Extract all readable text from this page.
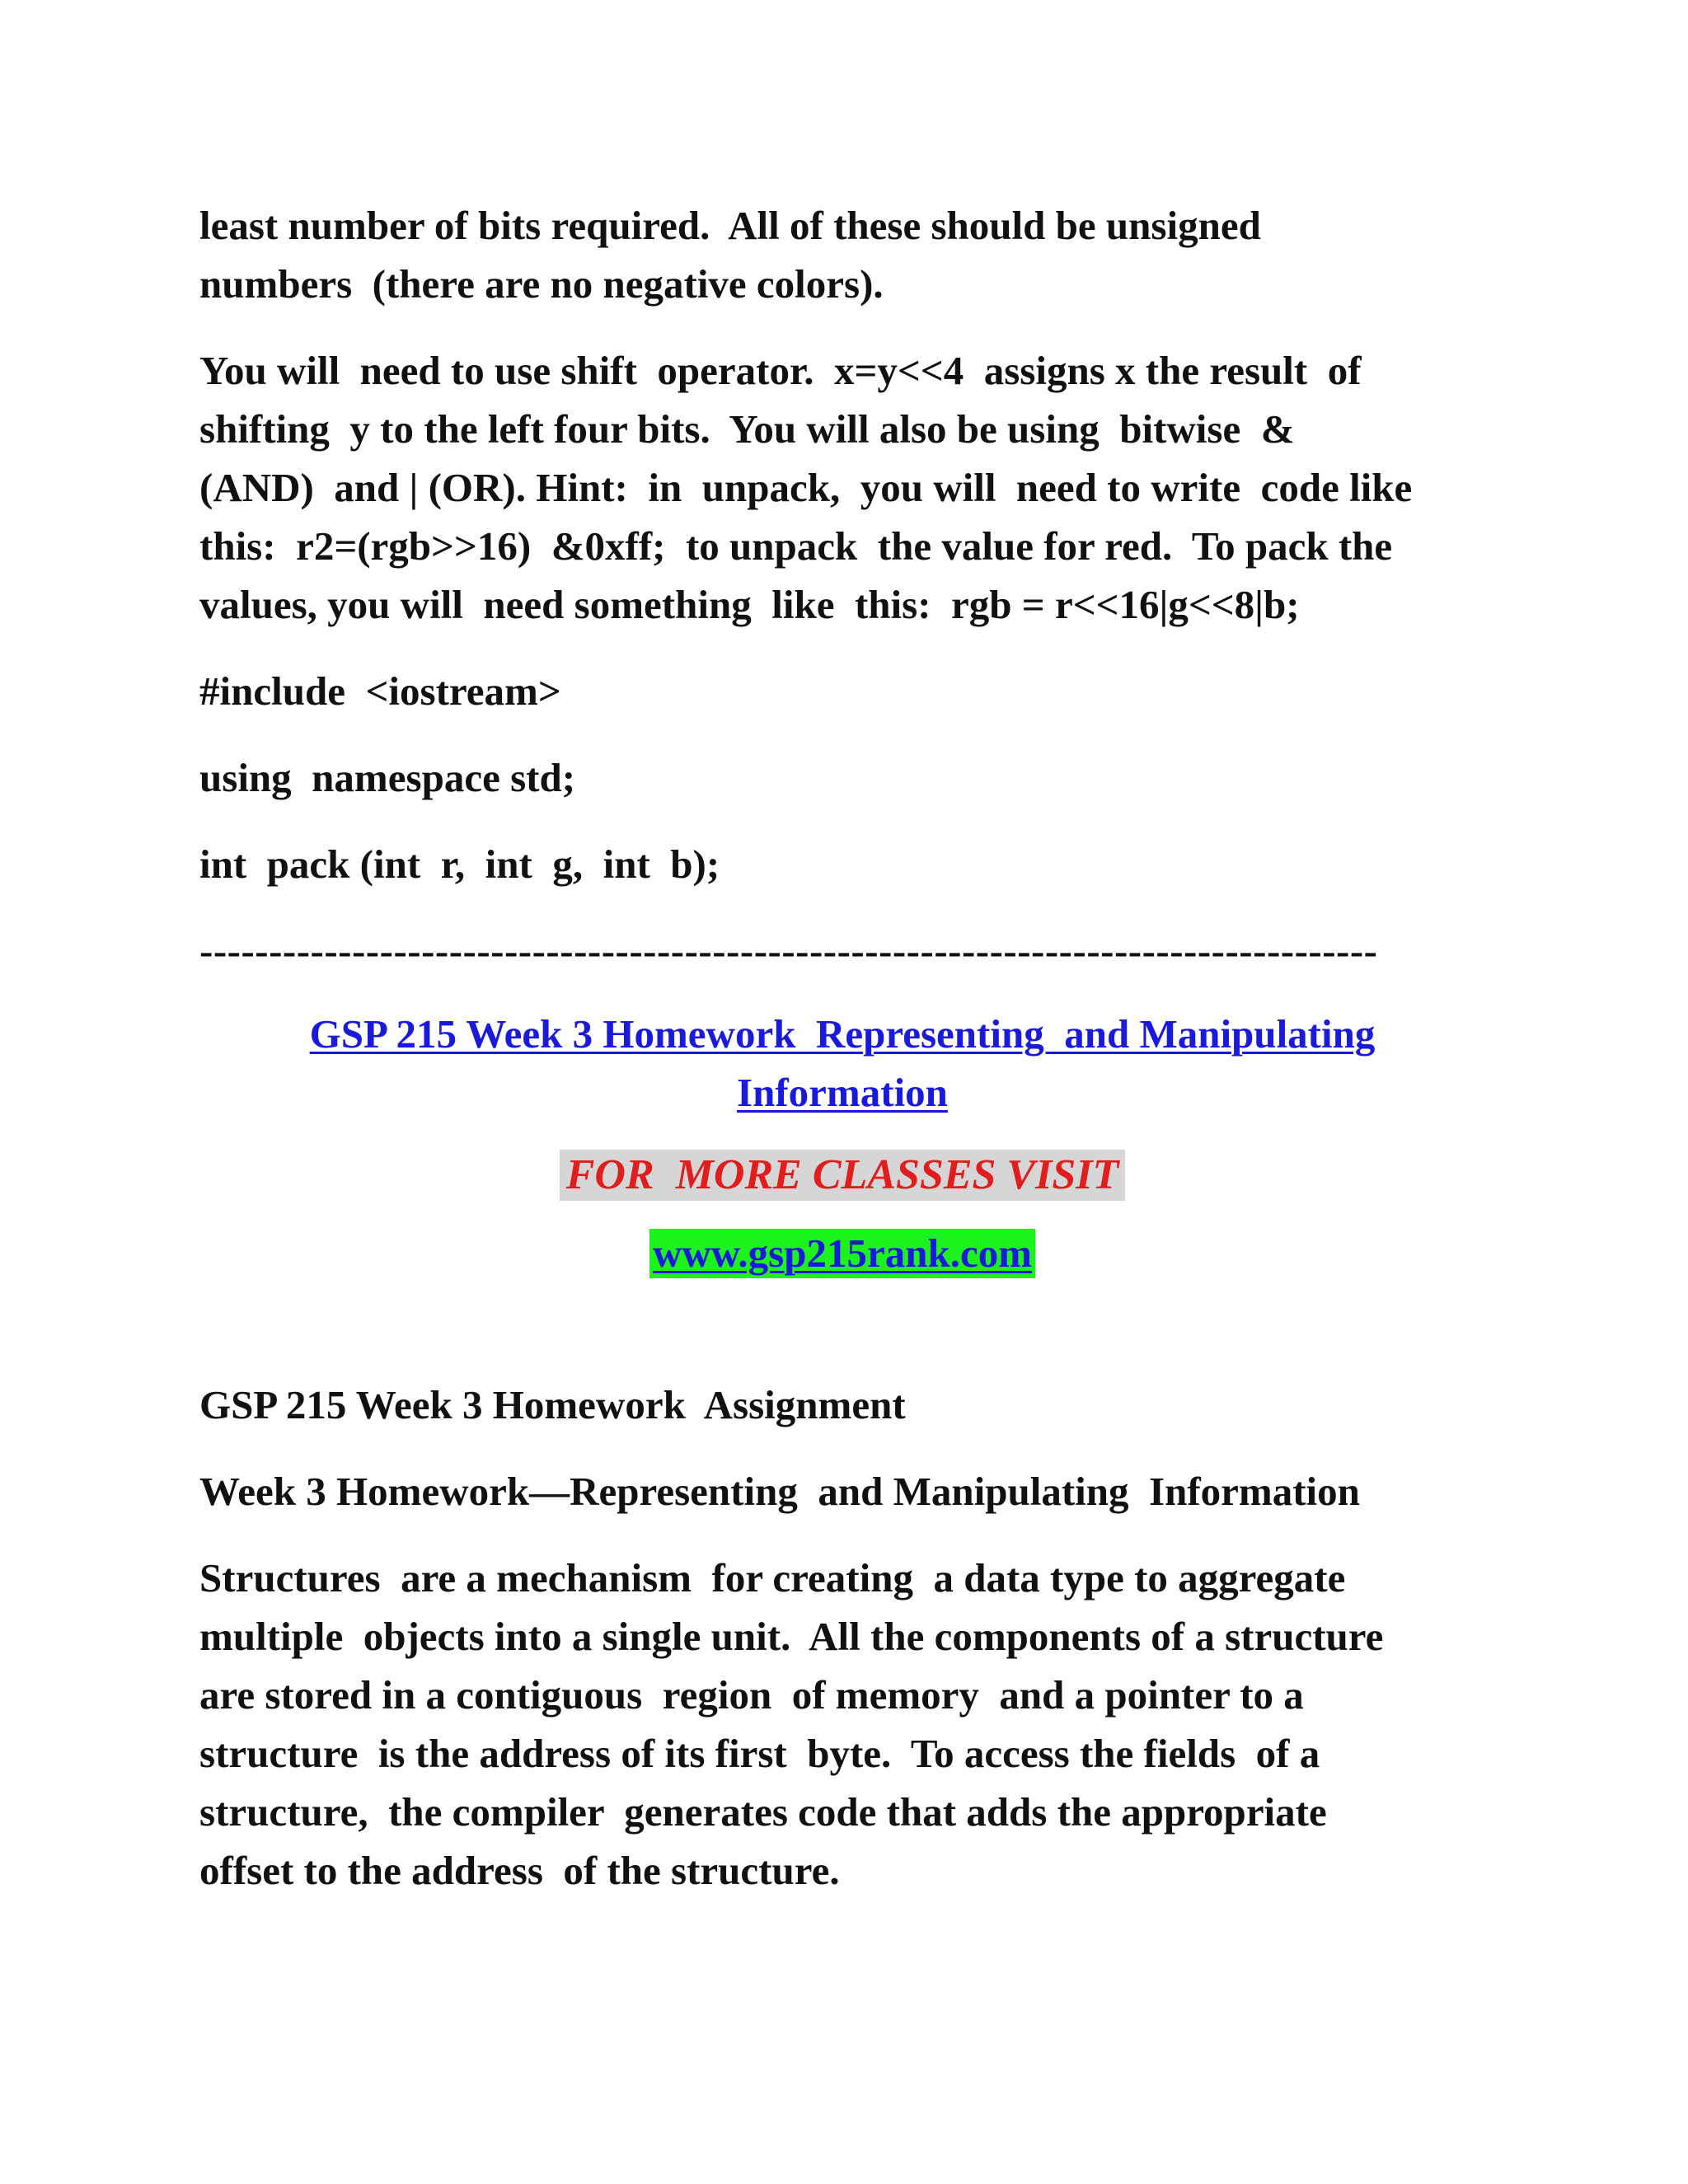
least number of bits required.  All of these should be unsigned
numbers  (there are no negative colors).

You will  need to use shift  operator.  x=y<<4  assigns x the result  of
shifting  y to the left four bits.  You will also be using  bitwise  &
(AND)  and | (OR). Hint:  in  unpack,  you will  need to write  code like
this:  r2=(rgb>>16)  &0xff;  to unpack  the value for red.  To pack the
values, you will  need something  like  this:  rgb = r<<16|g<<8|b;

#include  <iostream>

using  namespace std;

int  pack (int  r,  int  g,  int  b);

-------------------------------------------------------------------------------------

GSP 215 Week 3 Homework  Representing  and Manipulating
Information
FOR  MORE CLASSES VISIT
www.gsp215rank.com

GSP 215 Week 3 Homework  Assignment

Week 3 Homework—Representing  and Manipulating  Information

Structures  are a mechanism  for creating  a data type to aggregate
multiple  objects into a single unit.  All the components of a structure
are stored in a contiguous  region  of memory  and a pointer to a
structure  is the address of its first  byte.  To access the fields  of a
structure,  the compiler  generates code that adds the appropriate
offset to the address  of the structure.
